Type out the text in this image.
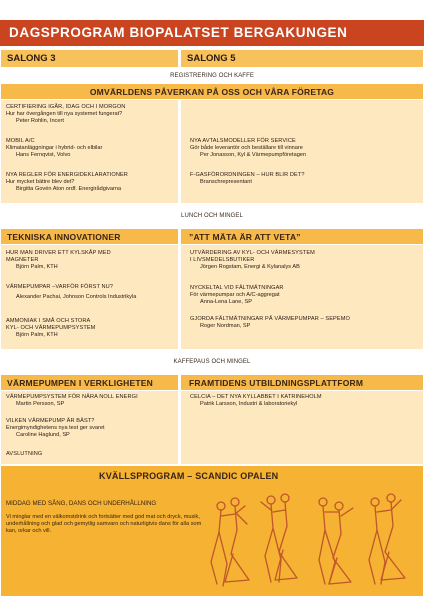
DAGSPROGRAM BIOPALATSET BERGAKUNGEN
SALONG 3	SALONG 5
REGISTRERING OCH KAFFE
OMVÄRLDENS PÅVERKAN PÅ OSS OCH VÅRA FÖRETAG
CERTIFIERING IGÅR, IDAG OCH I MORGON
Hur har övergången till nya systemet fungerat?
Peter Rohlin, Incert
MOBIL A/C
Klimatanläggningar i hybrid- och elbilar
Hans Fernqvist, Volvo
NYA REGLER FÖR ENERGIDEKLARATIONER
Hur mycket bättre blev det?
Birgitta Govén Aton ordf. Energirådgivarna
NYA AVTALSMODELLER FÖR SERVICE
Gör både leverantör och beställare till vinnare
Per Jonasson, Kyl & Värmepumpföretagen
F-GASFÖRORDNINGEN – HUR BLIR DET?
Branschrepresentant
LUNCH OCH MINGEL
TEKNISKA INNOVATIONER	”ATT MÄTA ÄR ATT VETA”
HUR MAN DRIVER ETT KYLSKÅP MED
MAGNETER
Björn Palm, KTH
VÄRMEPUMPAR –VARFÖR FÖRST NU?
Alexander Pachai, Johnson Controls Industrikyla
AMMONIAK I SMÅ OCH STORA
KYL- OCH VÄRMEPUMPSYSTEM
Björn Palm, KTH
UTVÄRDERING AV KYL- OCH VÄRMESYSTEM
I LIVSMEDELSBUTIKER
Jörgen Rogstam, Energi & Kylanalys AB
NYCKELTAL VID FÄLTMÄTNINGAR
För värmepumpar och A/C-aggregat
Anna-Lena Lane, SP
GJORDA FÄLTMÄTNINGAR PÅ VÄRMEPUMPAR – SEPEMO
Roger Nordman, SP
KAFFEPAUS OCH MINGEL
VÄRMEPUMPEN I VERKLIGHETEN	FRAMTIDENS UTBILDNINGSPLATTFORM
VÄRMEPUMPSYSTEM FÖR NÄRA NOLL ENERGI
Martin Persson, SP
VILKEN VÄRMEPUMP ÄR BÄST?
Energimyndighetens nya test ger svaret
Caroline Haglund, SP
AVSLUTNING
CELCIA – DET NYA KYLLABBET I KATRINEHOLM
Patrik Larsson, Industri & laboratoriekyl
KVÄLLSPROGRAM – SCANDIC OPALEN
MIDDAG MED SÅNG, DANS OCH UNDERHÅLLNING
Vi minglar med en välkomstdrink och fortsätter med god mat och dryck, musik, underhållning och glad och gemytlig samvaro och naturligtvis dans för alla som kan, orkar och vill.
